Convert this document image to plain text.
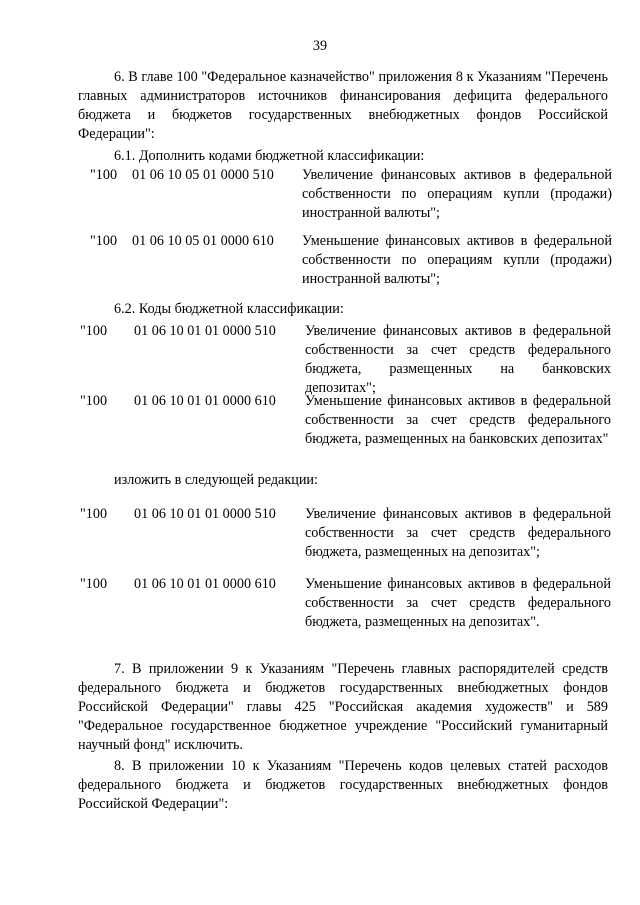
39
6. В главе 100 "Федеральное казначейство" приложения 8 к Указаниям "Перечень главных администраторов источников финансирования дефицита федерального бюджета и бюджетов государственных внебюджетных фондов Российской Федерации":
6.1. Дополнить кодами бюджетной классификации:
"100 01 06 10 05 01 0000 510 Увеличение финансовых активов в федеральной собственности по операциям купли (продажи) иностранной валюты";
"100 01 06 10 05 01 0000 610 Уменьшение финансовых активов в федеральной собственности по операциям купли (продажи) иностранной валюты";
6.2. Коды бюджетной классификации:
"100 01 06 10 01 01 0000 510 Увеличение финансовых активов в федеральной собственности за счет средств федерального бюджета, размещенных на банковских депозитах";
"100 01 06 10 01 01 0000 610 Уменьшение финансовых активов в федеральной собственности за счет средств федерального бюджета, размещенных на банковских депозитах"
изложить в следующей редакции:
"100 01 06 10 01 01 0000 510 Увеличение финансовых активов в федеральной собственности за счет средств федерального бюджета, размещенных на депозитах";
"100 01 06 10 01 01 0000 610 Уменьшение финансовых активов в федеральной собственности за счет средств федерального бюджета, размещенных на депозитах".
7. В приложении 9 к Указаниям "Перечень главных распорядителей средств федерального бюджета и бюджетов государственных внебюджетных фондов Российской Федерации" главы 425 "Российская академия художеств" и 589 "Федеральное государственное бюджетное учреждение "Российский гуманитарный научный фонд" исключить.
8. В приложении 10 к Указаниям "Перечень кодов целевых статей расходов федерального бюджета и бюджетов государственных внебюджетных фондов Российской Федерации":
